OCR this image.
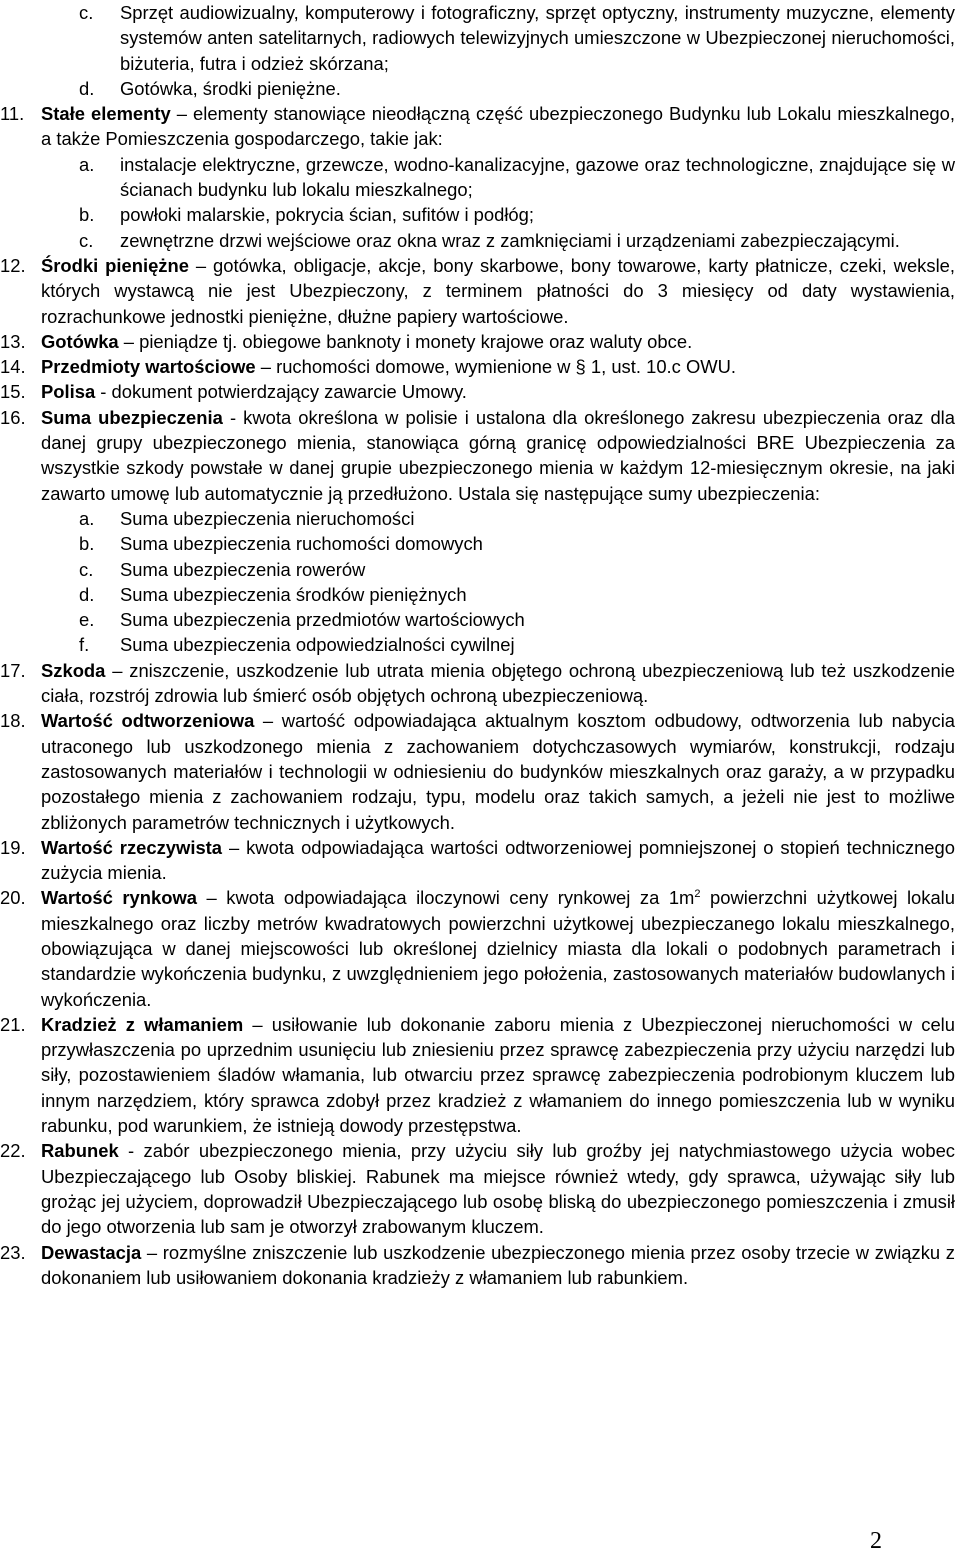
c.	Sprzęt audiowizualny, komputerowy i fotograficzny, sprzęt optyczny, instrumenty muzyczne, elementy systemów anten satelitarnych, radiowych telewizyjnych umieszczone w Ubezpieczonej nieruchomości, biżuteria, futra i odzież skórzana;
d.	Gotówka, środki pieniężne.
11. Stałe elementy – elementy stanowiące nieodłączną część ubezpieczonego Budynku lub Lokalu mieszkalnego, a także Pomieszczenia gospodarczego, takie jak:
a.	instalacje elektryczne, grzewcze, wodno-kanalizacyjne, gazowe oraz technologiczne, znajdujące się w ścianach budynku lub lokalu mieszkalnego;
b.	powłoki malarskie, pokrycia ścian, sufitów i podłóg;
c.	zewnętrzne drzwi wejściowe oraz okna wraz z zamknięciami i urządzeniami zabezpieczającymi.
12. Środki pieniężne – gotówka, obligacje, akcje, bony skarbowe, bony towarowe, karty płatnicze, czeki, weksle, których wystawcą nie jest Ubezpieczony, z terminem płatności do 3 miesięcy od daty wystawienia, rozrachunkowe jednostki pieniężne, dłużne papiery wartościowe.
13. Gotówka – pieniądze tj. obiegowe banknoty i monety krajowe oraz waluty obce.
14. Przedmioty wartościowe – ruchomości domowe, wymienione w § 1, ust. 10.c OWU.
15. Polisa - dokument potwierdzający zawarcie Umowy.
16. Suma ubezpieczenia - kwota określona w polisie i ustalona dla określonego zakresu ubezpieczenia oraz dla danej grupy ubezpieczonego mienia, stanowiąca górną granicę odpowiedzialności BRE Ubezpieczenia za wszystkie szkody powstałe w danej grupie ubezpieczonego mienia w każdym 12-miesięcznym okresie, na jaki zawarto umowę lub automatycznie ją przedłużono. Ustala się następujące sumy ubezpieczenia:
a.	Suma ubezpieczenia nieruchomości
b.	Suma ubezpieczenia ruchomości domowych
c.	Suma ubezpieczenia rowerów
d.	Suma ubezpieczenia środków pieniężnych
e.	Suma ubezpieczenia przedmiotów wartościowych
f.	Suma ubezpieczenia odpowiedzialności cywilnej
17. Szkoda – zniszczenie, uszkodzenie lub utrata mienia objętego ochroną ubezpieczeniową lub też uszkodzenie ciała, rozstrój zdrowia lub śmierć osób objętych ochroną ubezpieczeniową.
18. Wartość odtworzeniowa – wartość odpowiadająca aktualnym kosztom odbudowy, odtworzenia lub nabycia utraconego lub uszkodzonego mienia z zachowaniem dotychczasowych wymiarów, konstrukcji, rodzaju zastosowanych materiałów i technologii w odniesieniu do budynków mieszkalnych oraz garaży, a w przypadku pozostałego mienia z zachowaniem rodzaju, typu, modelu oraz takich samych, a jeżeli nie jest to możliwe zbliżonych parametrów technicznych i użytkowych.
19. Wartość rzeczywista – kwota odpowiadająca wartości odtworzeniowej pomniejszonej o stopień technicznego zużycia mienia.
20. Wartość rynkowa – kwota odpowiadająca iloczynowi ceny rynkowej za $1m^2$ powierzchni użytkowej lokalu mieszkalnego oraz liczby metrów kwadratowych powierzchni użytkowej ubezpieczanego lokalu mieszkalnego, obowiązująca w danej miejscowości lub określonej dzielnicy miasta dla lokali o podobnych parametrach i standardzie wykończenia budynku, z uwzględnieniem jego położenia, zastosowanych materiałów budowlanych i wykończenia.
21. Kradzież z włamaniem – usiłowanie lub dokonanie zaboru mienia z Ubezpieczonej nieruchomości w celu przywłaszczenia po uprzednim usunięciu lub zniesieniu przez sprawcę zabezpieczenia przy użyciu narzędzi lub siły, pozostawieniem śladów włamania, lub otwarciu przez sprawcę zabezpieczenia podrobionym kluczem lub innym narzędziem, który sprawca zdobył przez kradzież z włamaniem do innego pomieszczenia lub w wyniku rabunku, pod warunkiem, że istnieją dowody przestępstwa.
22. Rabunek - zabór ubezpieczonego mienia, przy użyciu siły lub groźby jej natychmiastowego użycia wobec Ubezpieczającego lub Osoby bliskiej. Rabunek ma miejsce również wtedy, gdy sprawca, używając siły lub grożąc jej użyciem, doprowadził Ubezpieczającego lub osobę bliską do ubezpieczonego pomieszczenia i zmusił do jego otworzenia lub sam je otworzył zrabowanym kluczem.
23. Dewastacja – rozmyślne zniszczenie lub uszkodzenie ubezpieczonego mienia przez osoby trzecie w związku z dokonaniem lub usiłowaniem dokonania kradzieży z włamaniem lub rabunkiem.
2
